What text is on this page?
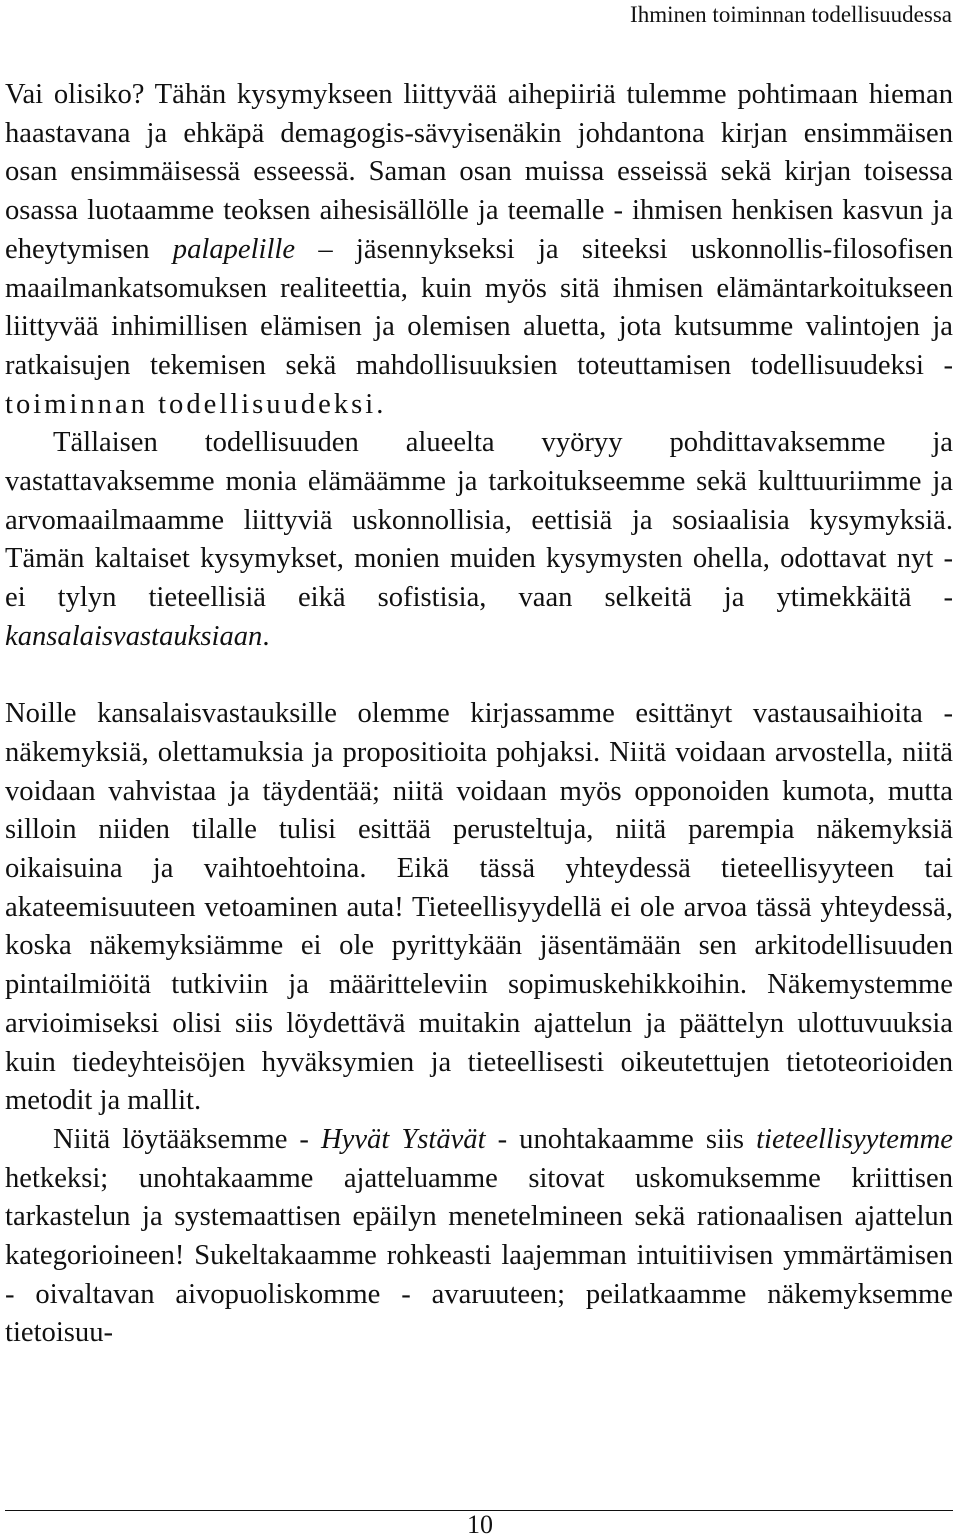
Ihminen toiminnan todellisuudessa

Vai olisiko? Tähän kysymykseen liittyvää aihepiiriä tulemme pohtimaan hieman haastavana ja ehkäpä demagogis-sävyisenäkin johdantona kirjan ensimmäisen osan ensimmäisessä esseessä. Saman osan muissa esseissä sekä kirjan toisessa osassa luotaamme teoksen aihesisällölle ja teemalle - ihmisen henkisen kasvun ja eheytymisen palapelille – jäsennykseksi ja siteeksi uskonnollis-filosofisen maailmankatsomuksen realiteettia, kuin myös sitä ihmisen elämäntarkoitukseen liittyvää inhimillisen elämisen ja olemisen aluetta, jota kutsumme valintojen ja ratkaisujen tekemisen sekä mahdollisuuksien toteuttamisen todellisuudeksi - toiminnan todellisuudeksi.

Tällaisen todellisuuden alueelta vyöryy pohdittavaksemme ja vastattavaksemme monia elämäämme ja tarkoitukseemme sekä kulttuuriimme ja arvomaailmaamme liittyviä uskonnollisia, eettisiä ja sosiaalisia kysymyksiä. Tämän kaltaiset kysymykset, monien muiden kysymysten ohella, odottavat nyt - ei tylyn tieteellisiä eikä sofistisia, vaan selkeitä ja ytimekkäitä - kansalaisvastauksiaan.

Noille kansalaisvastauksille olemme kirjassamme esittänyt vastausaihioita - näkemyksiä, olettamuksia ja propositioita pohjaksi. Niitä voidaan arvostella, niitä voidaan vahvistaa ja täydentää; niitä voidaan myös opponoiden kumota, mutta silloin niiden tilalle tulisi esittää perusteltuja, niitä parempia näkemyksiä oikaisuina ja vaihtoehtoina. Eikä tässä yhteydessä tieteellisyyteen tai akateemisuuteen vetoaminen auta! Tieteellisyydellä ei ole arvoa tässä yhteydessä, koska näkemyksiämme ei ole pyrittykään jäsentämään sen arkitodellisuuden pintailmiöitä tutkiviin ja määritteleviin sopimuskehikkoihin. Näkemystemme arvioimiseksi olisi siis löydettävä muitakin ajattelun ja päättelyn ulottuvuuksia kuin tiedeyhteisöjen hyväksymien ja tieteellisesti oikeutettujen tietoteorioiden metodit ja mallit.

Niitä löytääksemme - Hyvät Ystävät - unohtakaamme siis tieteellisyytemme hetkeksi; unohtakaamme ajatteluamme sitovat uskomuksemme kriittisen tarkastelun ja systemaattisen epäilyn menetelmineen sekä rationaalisen ajattelun kategorioineen! Sukeltakaamme rohkeasti laajemman intuitiivisen ymmärtämisen - oivaltavan aivopuoliskomme - avaruuteen; peilatkaamme näkemyksemme tietoisuu-

10
